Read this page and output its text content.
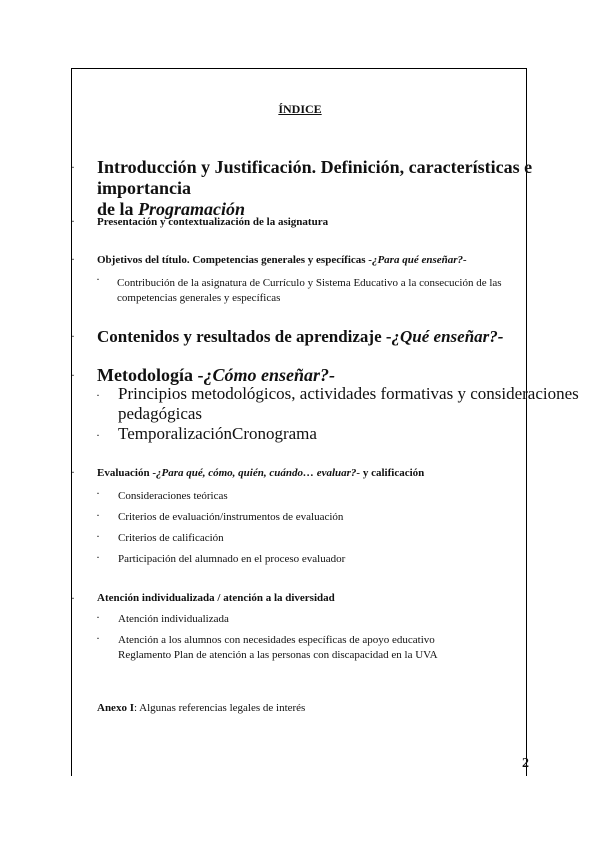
ÍNDICE
· Introducción y Justificación. Definición, características e importancia
de la Programación
· Presentación y contextualización de la asignatura
· Objetivos del título. Competencias generales y específicas -¿Para qué enseñar?-
· Contribución de la asignatura de Currículo y Sistema Educativo a la consecución de las
competencias generales y específicas
· Contenidos y resultados de aprendizaje -¿Qué enseñar?-
· Metodología -¿Cómo enseñar?-
· Principios metodológicos, actividades formativas y consideraciones
pedagógicas
· TemporalizaciónCronograma
· Evaluación -¿Para qué, cómo, quién, cuándo… evaluar?- y calificación
· Consideraciones teóricas
· Criterios de evaluación/instrumentos de evaluación
· Criterios de calificación
· Participación del alumnado en el proceso evaluador
· Atención individualizada / atención a la diversidad
· Atención individualizada
· Atención a los alumnos con necesidades específicas de apoyo educativo
Reglamento Plan de atención a las personas con discapacidad en la UVA
Anexo I: Algunas referencias legales de interés
2
